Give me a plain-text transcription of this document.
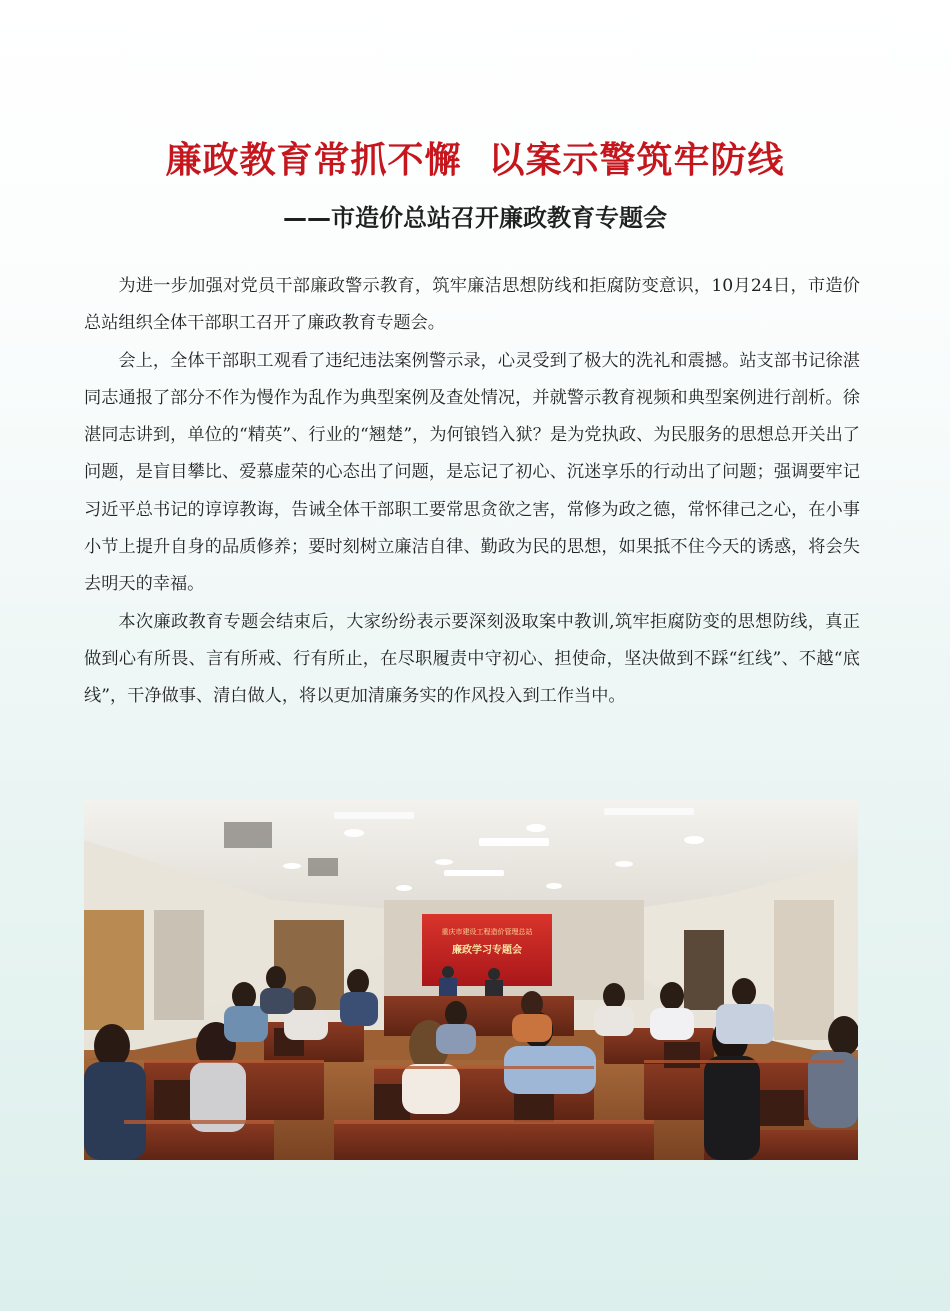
廉政教育常抓不懈  以案示警筑牢防线
——市造价总站召开廉政教育专题会

为进一步加强对党员干部廉政警示教育，筑牢廉洁思想防线和拒腐防变意识，10月24日，市造价总站组织全体干部职工召开了廉政教育专题会。

会上，全体干部职工观看了违纪违法案例警示录，心灵受到了极大的洗礼和震撼。站支部书记徐湛同志通报了部分不作为慢作为乱作为典型案例及查处情况，并就警示教育视频和典型案例进行剖析。徐湛同志讲到，单位的“精英”、行业的“翘楚”，为何锒铛入狱？是为党执政、为民服务的思想总开关出了问题，是盲目攀比、爱慕虚荣的心态出了问题，是忘记了初心、沉迷享乐的行动出了问题；强调要牢记习近平总书记的谆谆教诲，告诫全体干部职工要常思贪欲之害，常修为政之德，常怀律己之心，在小事小节上提升自身的品质修养；要时刻树立廉洁自律、勤政为民的思想，如果抵不住今天的诱惑，将会失去明天的幸福。

本次廉政教育专题会结束后，大家纷纷表示要深刻汲取案中教训,筑牢拒腐防变的思想防线，真正做到心有所畏、言有所戒、行有所止，在尽职履责中守初心、担使命，坚决做到不踩“红线”、不越“底线”，干净做事、清白做人，将以更加清廉务实的作风投入到工作当中。

重庆市建设工程造价管理总站
廉政学习专题会
